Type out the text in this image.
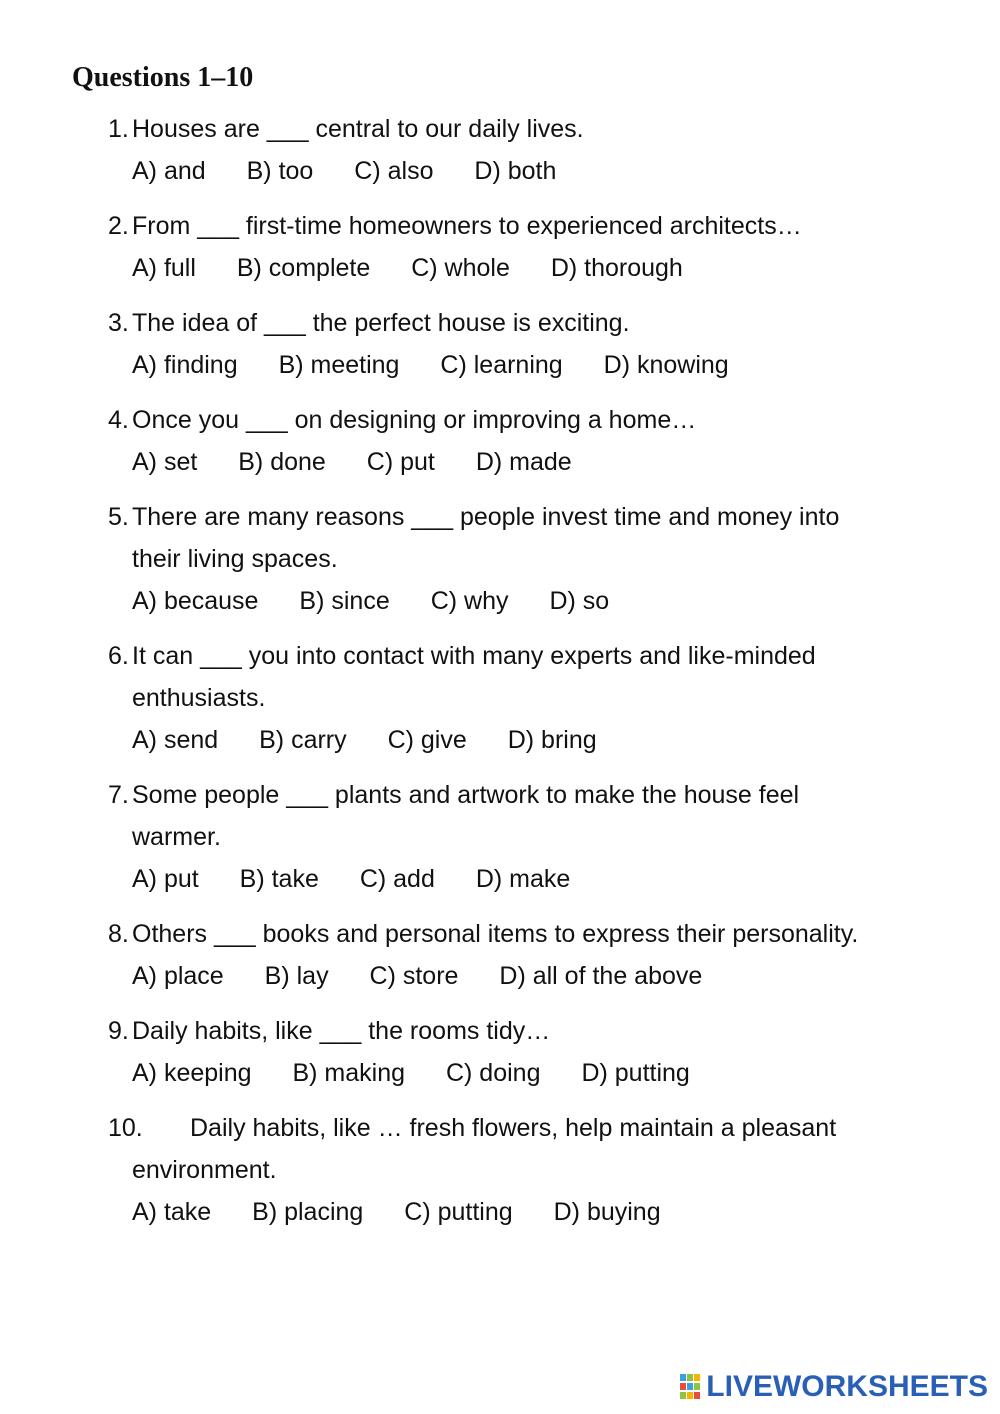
Questions 1–10
1. Houses are ___ central to our daily lives.
A) and B) too C) also D) both
2. From ___ first-time homeowners to experienced architects…
A) full B) complete C) whole D) thorough
3. The idea of ___ the perfect house is exciting.
A) finding B) meeting C) learning D) knowing
4. Once you ___ on designing or improving a home…
A) set B) done C) put D) made
5. There are many reasons ___ people invest time and money into
their living spaces.
A) because B) since C) why D) so
6. It can ___ you into contact with many experts and like-minded
enthusiasts.
A) send B) carry C) give D) bring
7. Some people ___ plants and artwork to make the house feel
warmer.
A) put B) take C) add D) make
8. Others ___ books and personal items to express their personality.
A) place B) lay C) store D) all of the above
9. Daily habits, like ___ the rooms tidy…
A) keeping B) making C) doing D) putting
10.	Daily habits, like … fresh flowers, help maintain a pleasant
environment.
A) take B) placing C) putting D) buying
LIVEWORKSHEETS
